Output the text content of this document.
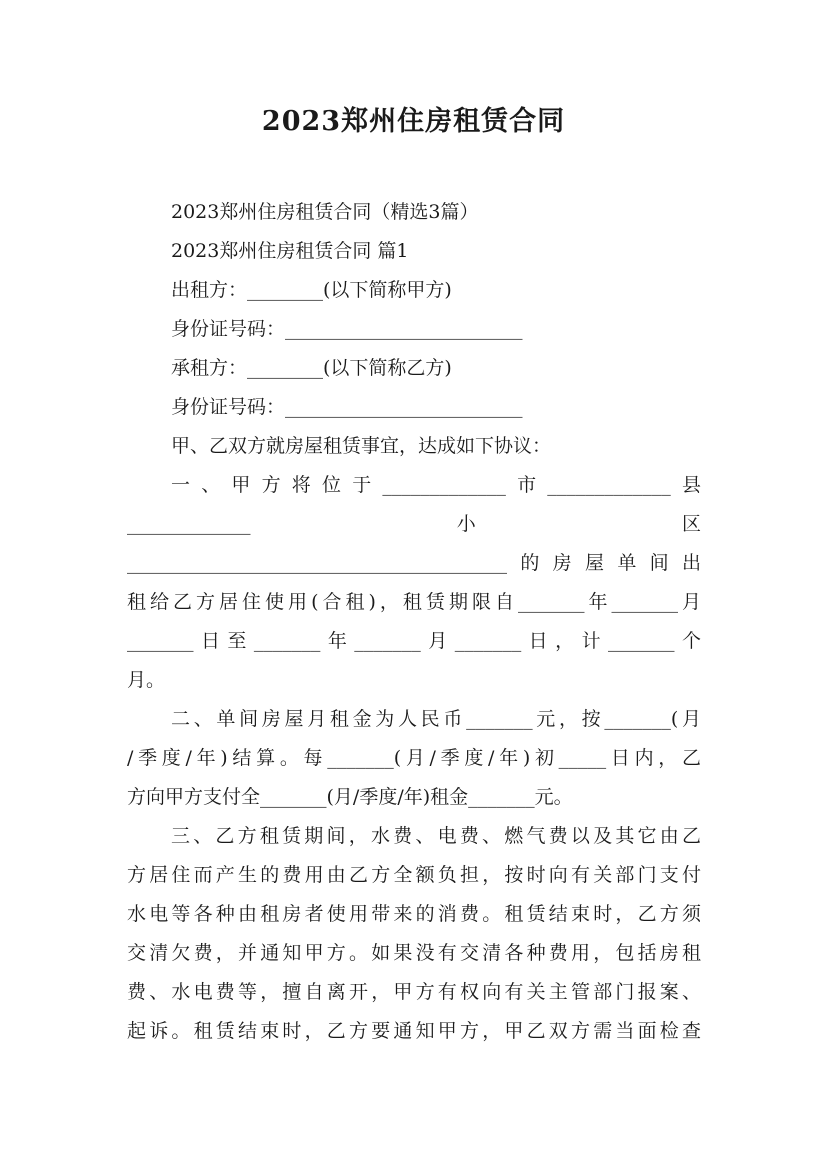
2023郑州住房租赁合同
2023郑州住房租赁合同（精选3篇）
2023郑州住房租赁合同 篇1
出租方：________(以下简称甲方)
身份证号码：_________________________
承租方：________(以下简称乙方)
身份证号码：_________________________
甲、乙双方就房屋租赁事宜，达成如下协议：
一、甲方将位于_____________市_____________县
_____________小区
________________________________________的房屋单间出
租给乙方居住使用(合租)，租赁期限自_______年_______月
_______日至_______年_______月_______日，计_______个
月。
二、单间房屋月租金为人民币_______元，按_______(月
/季度/年)结算。每_______(月/季度/年)初_____日内，乙
方向甲方支付全_______(月/季度/年)租金_______元。
三、乙方租赁期间，水费、电费、燃气费以及其它由乙
方居住而产生的费用由乙方全额负担，按时向有关部门支付
水电等各种由租房者使用带来的消费。租赁结束时，乙方须
交清欠费，并通知甲方。如果没有交清各种费用，包括房租
费、水电费等，擅自离开，甲方有权向有关主管部门报案、
起诉。租赁结束时，乙方要通知甲方，甲乙双方需当面检查
